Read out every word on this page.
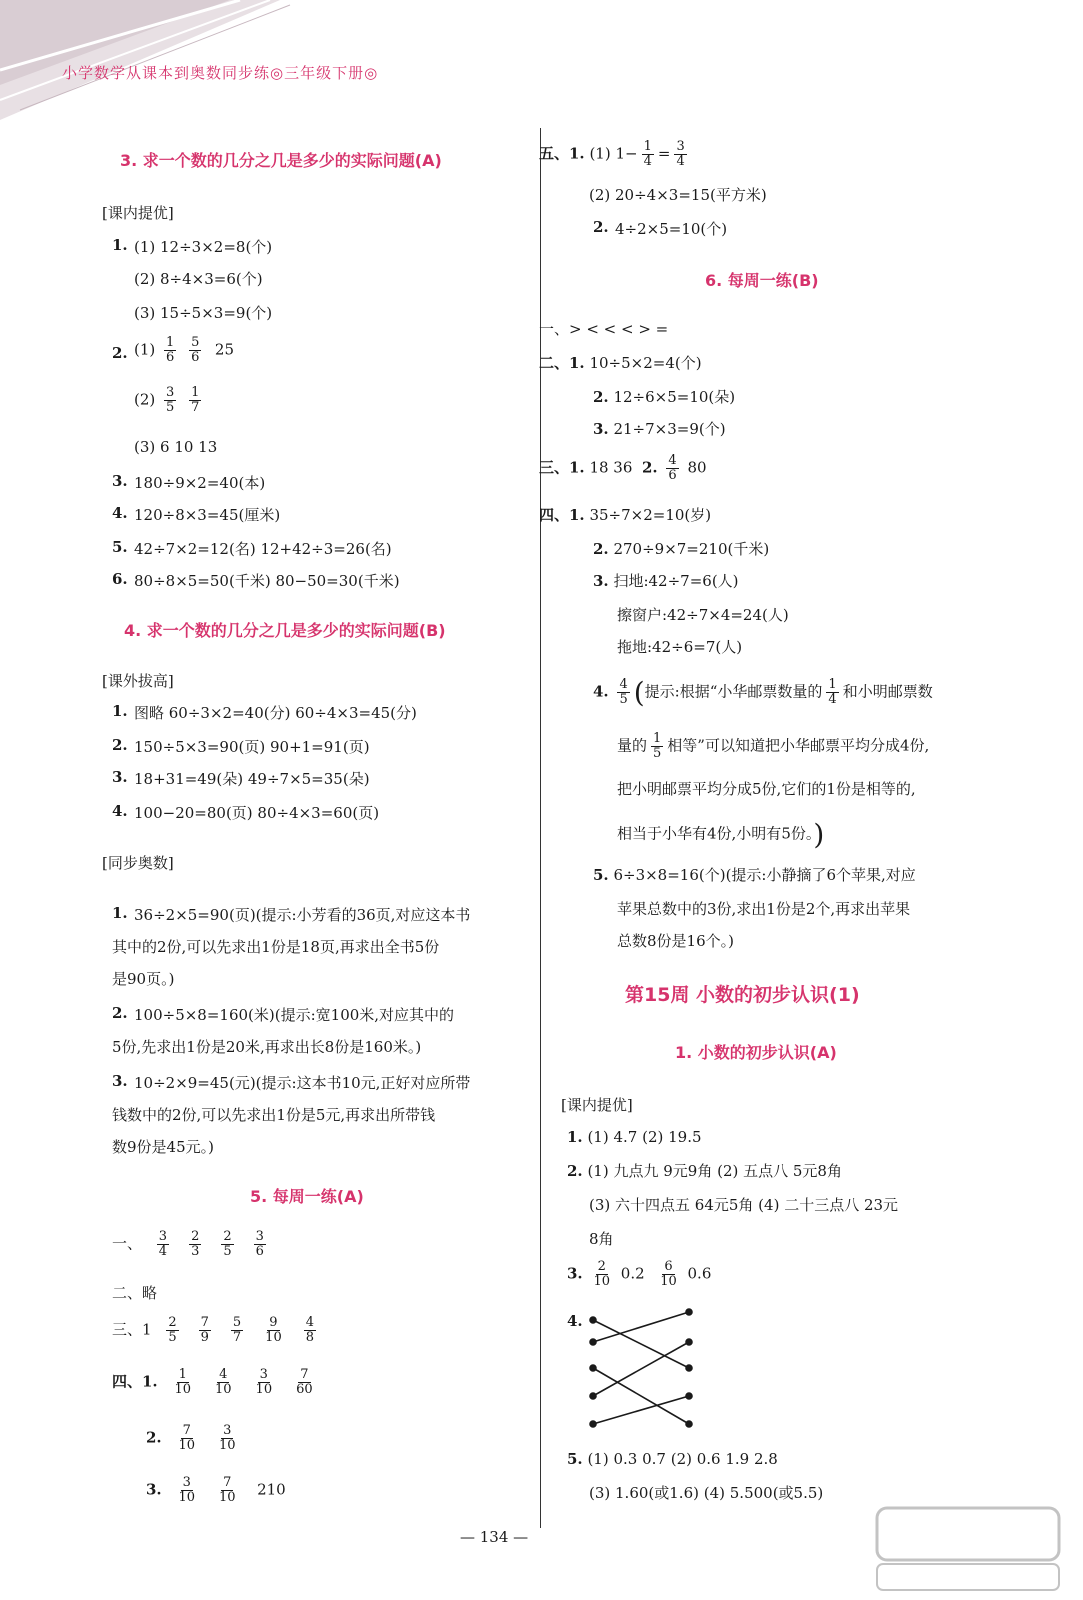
小学数学从课本到奥数同步练◎三年级下册◎
3. 求一个数的几分之几是多少的实际问题(A)
[课内提优]
1. (1) 12÷3×2=8(个)
(2) 8÷4×3=6(个)
(3) 15÷5×3=9(个)
2. $(1) \frac{1}{6}$
$\frac{5}{6} 25$
$(2) \frac{3}{5}$
$\frac{1}{7}$
(3) 6 10 13
3. 180÷9×2=40(本)
4. 120÷8×3=45(厘米)
5. 42÷7×2=12(名) 12+42÷3=26(名)
6. 80÷8×5=50(千米) 80−50=30(千米)
4. 求一个数的几分之几是多少的实际问题(B)
[课外拔高]
1. 图略 60÷3×2=40(分) 60÷4×3=45(分)
2. 150÷5×3=90(页) 90+1=91(页)
3. 18+31=49(朵) 49÷7×5=35(朵)
4. 100−20=80(页) 80÷4×3=60(页)
[同步奥数]
1. 36÷2×5=90(页)(提示:小芳看的36页,对应这本书
其中的2份,可以先求出1份是18页,再求出全书5份
是90页。)
2. 100÷5×8=160(米)(提示:宽100米,对应其中的
5份,先求出1份是20米,再求出长8份是160米。)
3. 10÷2×9=45(元)(提示:这本书10元,正好对应所带
钱数中的2份,可以先求出1份是5元,再求出所带钱
数9份是45元。)
5. 每周一练(A)
一、 $\frac{3}{4} \frac{2}{3} \frac{2}{5} \frac{3}{6}$
二、略
三、$1 \frac{2}{5} \frac{7}{9} \frac{5}{7} \frac{9}{10} \frac{4}{8}$
四、1. $\frac{1}{10} \frac{4}{10} \frac{3}{10} \frac{7}{60}$
2. $\frac{7}{10} \frac{3}{10}$
3. $\frac{3}{10} \frac{7}{10} 210$
五、1. (1) $1- \frac{1}{4} = \frac{3}{4}$
(2) 20÷4×3=15(平方米)
2. 4÷2×5=10(个)
6. 每周一练(B)
一、> < < < > =
二、1. 10÷5×2=4(个)
2. 12÷6×5=10(朵)
3. 21÷7×3=9(个)
三、1. 18 36 2. $\frac{4}{6} 80$
四、1. 35÷7×2=10(岁)
2. 270÷9×7=210(千米)
3. 扫地:42÷7=6(人)
擦窗户:42÷7×4=24(人)
拖地:42÷6=7(人)
4. $\frac{4}{5}$ (提示:根据“小华邮票数量的 $\frac{1}{4}$ 和小明邮票数
量的 $\frac{1}{5}$ 相等”可以知道把小华邮票平均分成4份,
把小明邮票平均分成5份,它们的1份是相等的,
相当于小华有4份,小明有5份。)
5. 6÷3×8=16(个)(提示:小静摘了6个苹果,对应
苹果总数中的3份,求出1份是2个,再求出苹果
总数8份是16个。)
第15周 小数的初步认识(1)
1. 小数的初步认识(A)
[课内提优]
1. (1) 4.7 (2) 19.5
2. (1) 九点九 9元9角 (2) 五点八 5元8角
(3) 六十四点五 64元5角 (4) 二十三点八 23元
8角
3. $\frac{2}{10} 0.2 \frac{6}{10} 0.6$
4.
5. (1) 0.3 0.7 (2) 0.6 1.9 2.8
(3) 1.60(或1.6) (4) 5.500(或5.5)
— 134 —
